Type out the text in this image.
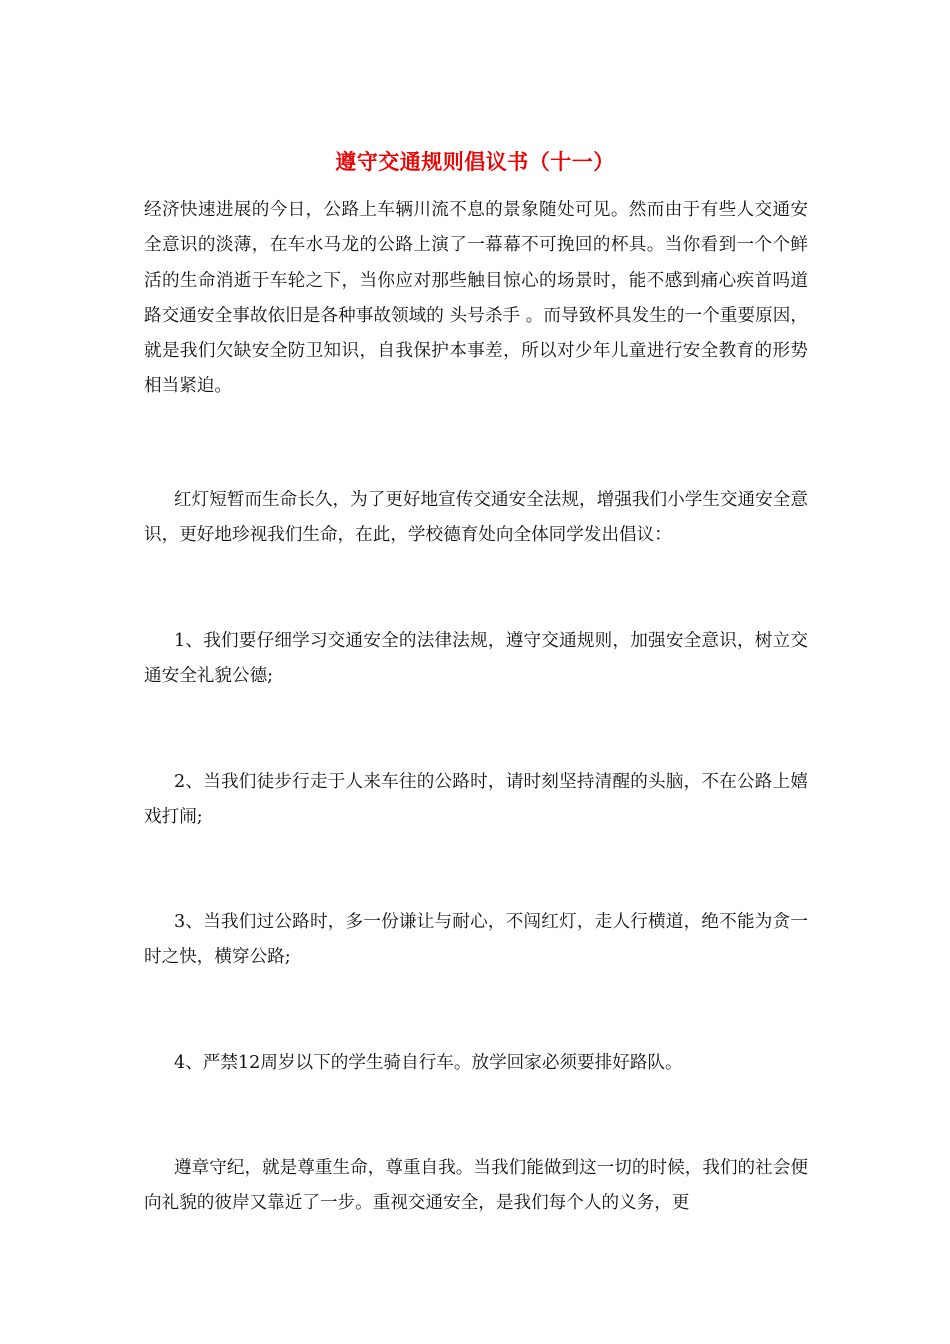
遵守交通规则倡议书（十一）

经济快速进展的今日，公路上车辆川流不息的景象随处可见。然而由于有些人交通安全意识的淡薄，在车水马龙的公路上演了一幕幕不可挽回的杯具。当你看到一个个鲜活的生命消逝于车轮之下，当你应对那些触目惊心的场景时，能不感到痛心疾首吗道路交通安全事故依旧是各种事故领域的 头号杀手 。而导致杯具发生的一个重要原因，就是我们欠缺安全防卫知识，自我保护本事差，所以对少年儿童进行安全教育的形势相当紧迫。

红灯短暂而生命长久，为了更好地宣传交通安全法规，增强我们小学生交通安全意识，更好地珍视我们生命，在此，学校德育处向全体同学发出倡议：

1、我们要仔细学习交通安全的法律法规，遵守交通规则，加强安全意识，树立交通安全礼貌公德;

2、当我们徒步行走于人来车往的公路时，请时刻坚持清醒的头脑，不在公路上嬉戏打闹;

3、当我们过公路时，多一份谦让与耐心，不闯红灯，走人行横道，绝不能为贪一时之快，横穿公路;

4、严禁12周岁以下的学生骑自行车。放学回家必须要排好路队。

遵章守纪，就是尊重生命，尊重自我。当我们能做到这一切的时候，我们的社会便向礼貌的彼岸又靠近了一步。重视交通安全，是我们每个人的义务，更
